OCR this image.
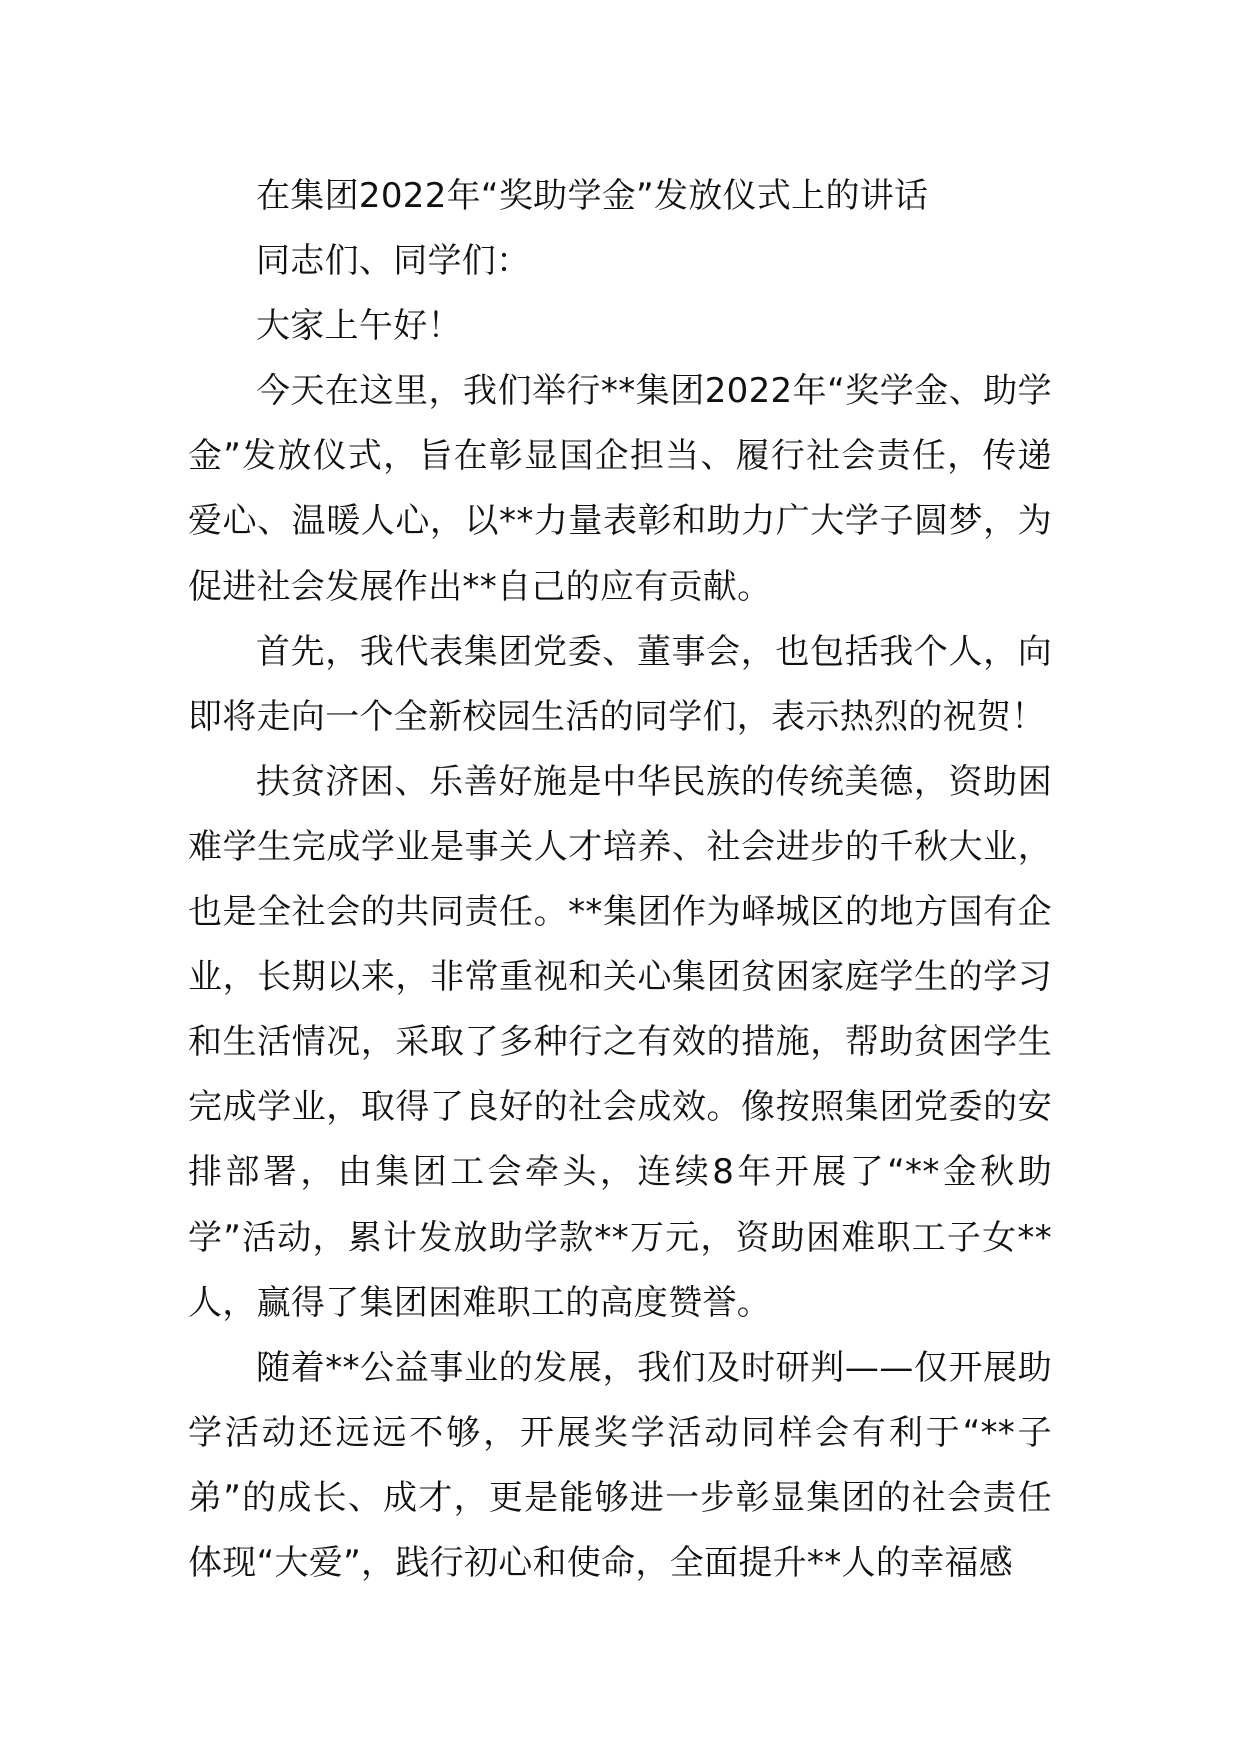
在集团2022年“奖助学金”发放仪式上的讲话

同志们、同学们：

大家上午好！

今天在这里，我们举行**集团2022年“奖学金、助学金”发放仪式，旨在彰显国企担当、履行社会责任，传递爱心、温暖人心，以**力量表彰和助力广大学子圆梦，为促进社会发展作出**自己的应有贡献。

首先，我代表集团党委、董事会，也包括我个人，向即将走向一个全新校园生活的同学们，表示热烈的祝贺！

扶贫济困、乐善好施是中华民族的传统美德，资助困难学生完成学业是事关人才培养、社会进步的千秋大业，也是全社会的共同责任。**集团作为峄城区的地方国有企业，长期以来，非常重视和关心集团贫困家庭学生的学习和生活情况，采取了多种行之有效的措施，帮助贫困学生完成学业，取得了良好的社会成效。像按照集团党委的安排部署，由集团工会牵头，连续8年开展了“**金秋助学”活动，累计发放助学款**万元，资助困难职工子女**人，赢得了集团困难职工的高度赞誉。

随着**公益事业的发展，我们及时研判——仅开展助学活动还远远不够，开展奖学活动同样会有利于“**子弟”的成长、成才，更是能够进一步彰显集团的社会责任体现“大爱”，践行初心和使命，全面提升**人的幸福感
